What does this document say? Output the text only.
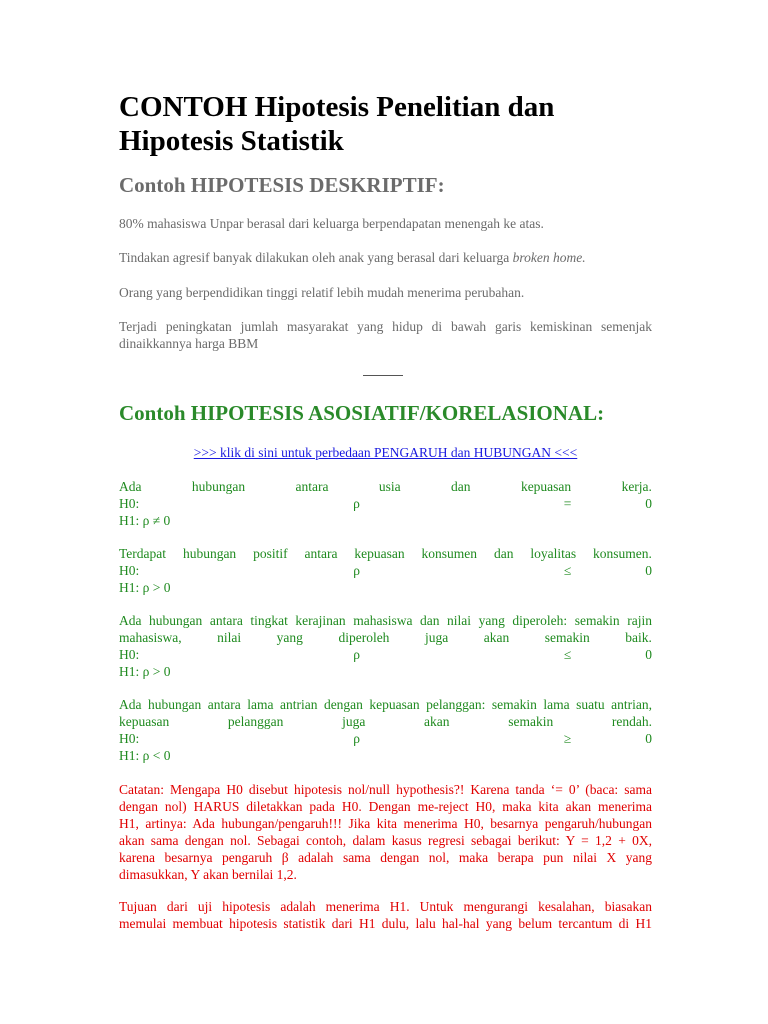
CONTOH Hipotesis Penelitian dan Hipotesis Statistik
Contoh HIPOTESIS DESKRIPTIF:

80% mahasiswa Unpar berasal dari keluarga berpendapatan menengah ke atas.

Tindakan agresif banyak dilakukan oleh anak yang berasal dari keluarga broken home.

Orang yang berpendidikan tinggi relatif lebih mudah menerima perubahan.

Terjadi peningkatan jumlah masyarakat yang hidup di bawah garis kemiskinan semenjak
dinaikkannya harga BBM

Contoh HIPOTESIS ASOSIATIF/KORELASIONAL:

>>> klik di sini untuk perbedaan PENGARUH dan HUBUNGAN <<<

Ada	hubungan	antara	usia	dan	kepuasan	kerja.
H0:	ρ	=	0
H1: ρ ≠ 0
Terdapat hubungan positif antara kepuasan konsumen dan loyalitas konsumen.
H0:	ρ	≤	0
H1: ρ > 0
Ada hubungan antara tingkat kerajinan mahasiswa dan nilai yang diperoleh: semakin rajin
mahasiswa,	nilai	yang	diperoleh	juga	akan	semakin	baik.
H0:	ρ	≤	0
H1: ρ > 0
Ada hubungan antara lama antrian dengan kepuasan pelanggan: semakin lama suatu antrian,
kepuasan	pelanggan	juga	akan	semakin	rendah.
H0:	ρ	≥	0
H1: ρ < 0
Catatan: Mengapa H0 disebut hipotesis nol/null hypothesis?! Karena tanda ‘= 0’ (baca: sama
dengan nol) HARUS diletakkan pada H0. Dengan me-reject H0, maka kita akan menerima
H1, artinya: Ada hubungan/pengaruh!!! Jika kita menerima H0, besarnya pengaruh/hubungan
akan sama dengan nol. Sebagai contoh, dalam kasus regresi sebagai berikut: Y = 1,2 + 0X,
karena besarnya pengaruh β adalah sama dengan nol, maka berapa pun nilai X yang
dimasukkan, Y akan bernilai 1,2.
Tujuan dari uji hipotesis adalah menerima H1. Untuk mengurangi kesalahan, biasakan
memulai membuat hipotesis statistik dari H1 dulu, lalu hal-hal yang belum tercantum di H1
